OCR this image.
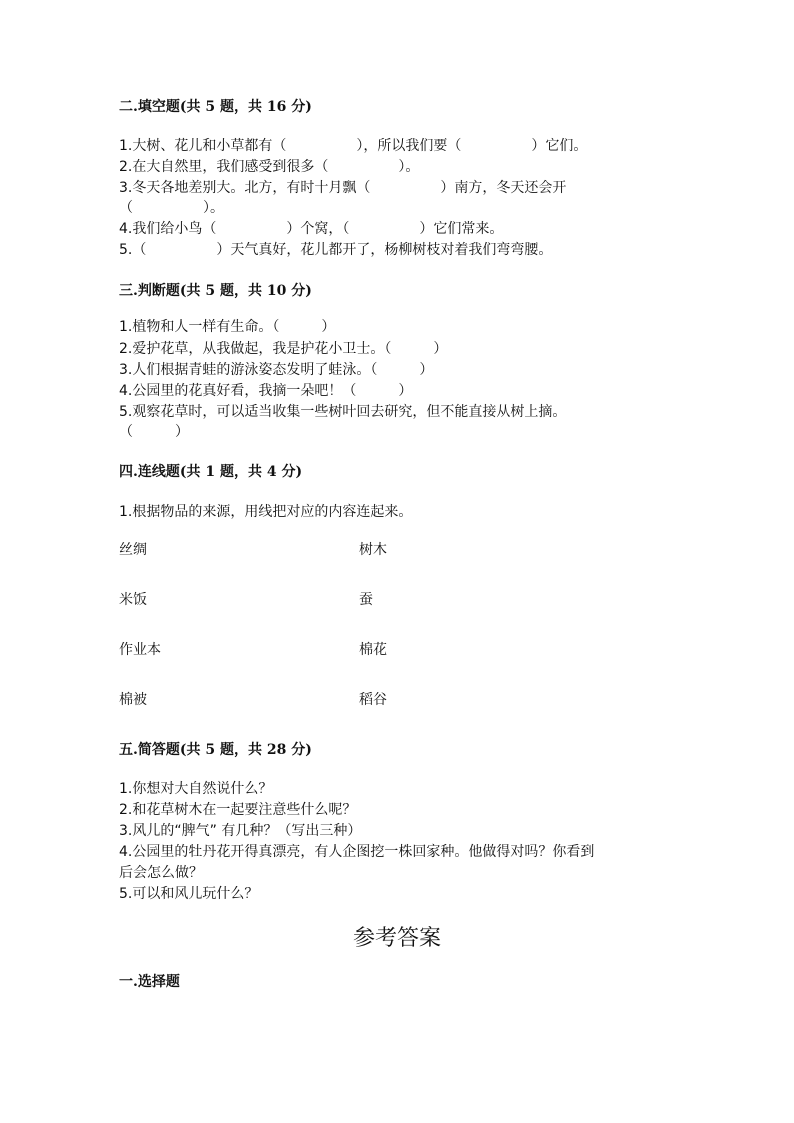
二.填空题(共 5 题，共 16 分)
1.大树、花儿和小草都有（　　　　　），所以我们要（　　　　　）它们。
2.在大自然里，我们感受到很多（　　　　　）。
3.冬天各地差别大。北方，有时十月飘（　　　　　）南方，冬天还会开
（　　　　　）。
4.我们给小鸟（　　　　　）个窝，（　　　　　）它们常来。
5.（　　　　　）天气真好，花儿都开了，杨柳树枝对着我们弯弯腰。
三.判断题(共 5 题，共 10 分)
1.植物和人一样有生命。（　　　）
2.爱护花草，从我做起，我是护花小卫士。（　　　）
3.人们根据青蛙的游泳姿态发明了蛙泳。（　　　）
4.公园里的花真好看，我摘一朵吧！（　　　）
5.观察花草时，可以适当收集一些树叶回去研究，但不能直接从树上摘。
（　　　）
四.连线题(共 1 题，共 4 分)
1.根据物品的来源，用线把对应的内容连起来。
丝绸	树木
米饭	蚕
作业本	棉花
棉被	稻谷
五.简答题(共 5 题，共 28 分)
1.你想对大自然说什么？
2.和花草树木在一起要注意些什么呢？
3.风儿的“脾气” 有几种？（写出三种）
4.公园里的牡丹花开得真漂亮，有人企图挖一株回家种。他做得对吗？你看到
后会怎么做？
5.可以和风儿玩什么？
参考答案
一.选择题
